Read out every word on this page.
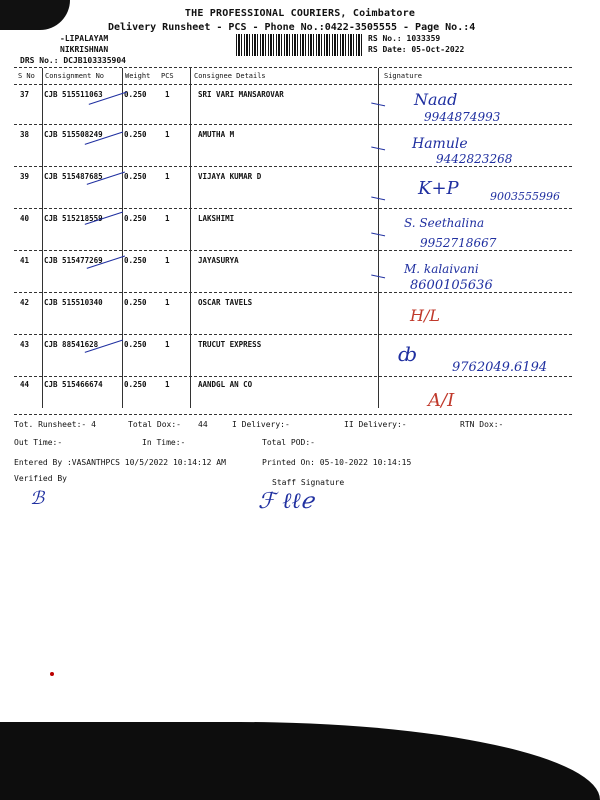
THE PROFESSIONAL COURIERS, Coimbatore
Delivery Runsheet - PCS - Phone No.:0422-3505555 - Page No.:4
-LIPALAYAM
NIKRISHNAN
DRS No.: DCJB103335904
RS No.: 1033359
RS Date: 05-Oct-2022
S No Consignment No	Weight PCS	Consignee Details	Signature
37 CJB 515511063	0.250 1	SRI VARI MANSAROVAR	Naad
9944874993
38 CJB 515508249	0.250 1	AMUTHA M
Hamule
9442823268
39 CJB 515487685	0.250 1	VIJAYA KUMAR D
K+P	9003555996
40 CJB 515218559	0.250 1	LAKSHIMI	S. Seethalina
9952718667
41 CJB 515477269	0.250 1	JAYASURYA
M. kalaivani
8600105636
42 CJB 515510340	0.250 1	OSCAR TAVELS
H/L
43 CJB 88541628	0.250 1	TRUCUT EXPRESS	ȸ
9762049.6194
44 CJB 515466674	0.250 1	AANDGL AN CO
A/I
Tot. Runsheet:- 4	Total Dox:- 44	I Delivery:-	II Delivery:-	RTN Dox:-
Out Time:-	In Time:-	Total POD:-
Entered By :VASANTHPCS 10/5/2022 10:14:12 AM	Printed On: 05-10-2022 10:14:15
Verified By	Staff Signature
ℬ	ℱ ℓℓℯ
